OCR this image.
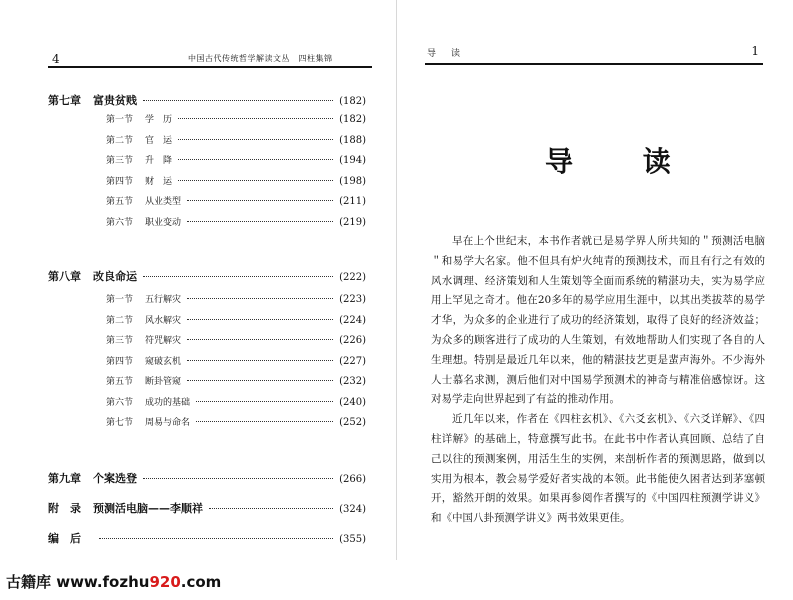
4	中国古代传统哲学解读文丛　四柱集锦
第七章 富贵贫贱	(182)
第一节 学　历	(182)
第二节 官　运	(188)
第三节 升　降	(194)
第四节 财　运	(198)
第五节 从业类型	(211)
第六节 职业变动	(219)
第八章 改良命运	(222)
第一节 五行解灾	(223)
第二节 风水解灾	(224)
第三节 符咒解灾	(226)
第四节 窥破玄机	(227)
第五节 断卦管窥	(232)
第六节 成功的基础	(240)
第七节 周易与命名	(252)
第九章 个案选登	(266)
附　录 预测活电脑——李顺祥	(324)
编　后	(355)
导　读	1
导 读

早在上个世纪末，本书作者就已是易学界人所共知的＂预测活电脑＂和易学大名家。他不但具有炉火纯青的预测技术，而且有行之有效的风水调理、经济策划和人生策划等全面而系统的精湛功夫，实为易学应用上罕见之奇才。他在20多年的易学应用生涯中，以其出类拔萃的易学才华，为众多的企业进行了成功的经济策划，取得了良好的经济效益；为众多的顾客进行了成功的人生策划，有效地帮助人们实现了各自的人生理想。特别是最近几年以来，他的精湛技艺更是蜚声海外。不少海外人士慕名求测，测后他们对中国易学预测术的神奇与精准倍感惊讶。这对易学走向世界起到了有益的推动作用。

近几年以来，作者在《四柱玄机》、《六爻玄机》、《六爻详解》、《四柱详解》的基础上，特意撰写此书。在此书中作者认真回顾、总结了自己以往的预测案例，用活生生的实例，来剖析作者的预测思路，做到以实用为根本，教会易学爱好者实战的本领。此书能使久困者达到茅塞顿开，豁然开朗的效果。如果再参阅作者撰写的《中国四柱预测学讲义》和《中国八卦预测学讲义》两书效果更佳。

古籍库 www.fozhu920.com
